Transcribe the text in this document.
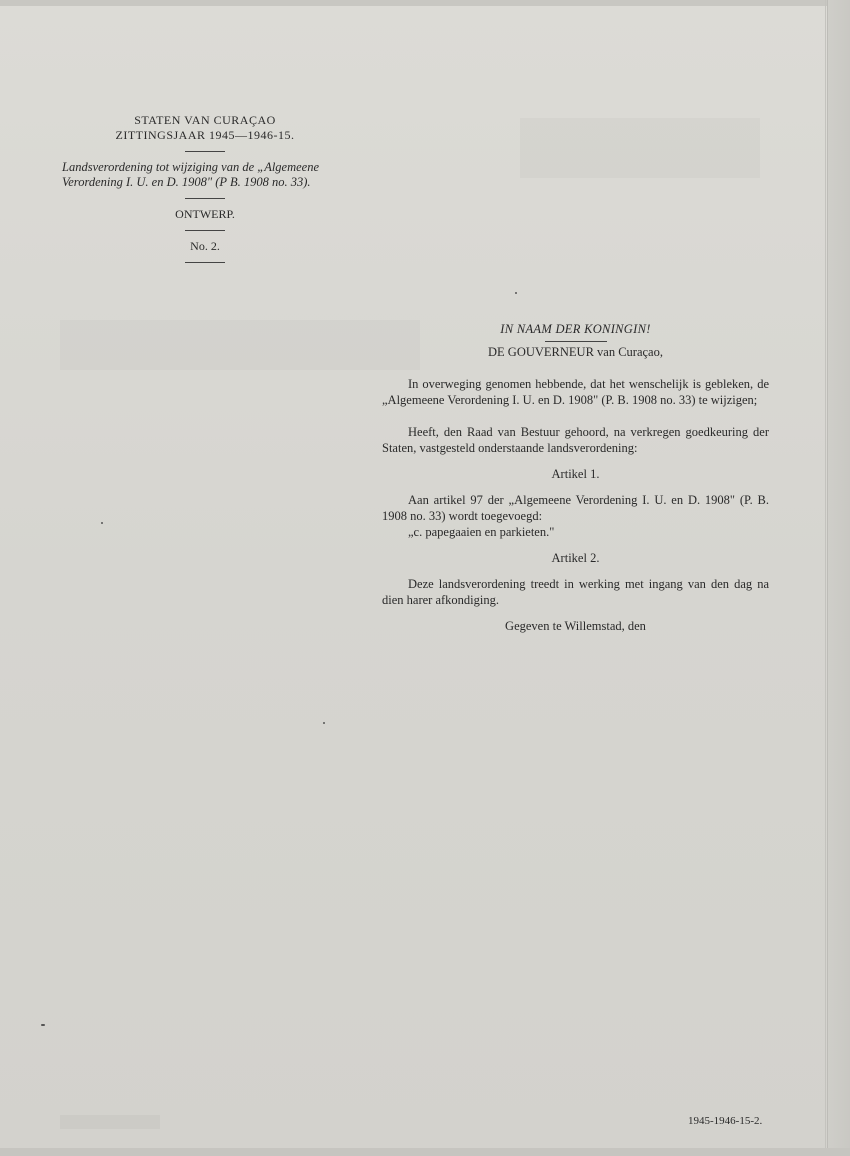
STATEN VAN CURAÇAO
ZITTINGSJAAR 1945—1946-15.
Landsverordening tot wijziging van de „Algemeene Verordening I. U. en D. 1908" (P B. 1908 no. 33).
ONTWERP.
No. 2.
IN NAAM DER KONINGIN!
DE GOUVERNEUR van Curaçao,

In overweging genomen hebbende, dat het wenschelijk is gebleken, de „Algemeene Verordening I. U. en D. 1908" (P. B. 1908 no. 33) te wijzigen;

Heeft, den Raad van Bestuur gehoord, na verkregen goedkeuring der Staten, vastgesteld onderstaande landsverordening:

Artikel 1.

Aan artikel 97 der „Algemeene Verordening I. U. en D. 1908" (P. B. 1908 no. 33) wordt toegevoegd:

„c. papegaaien en parkieten."
Artikel 2.

Deze landsverordening treedt in werking met ingang van den dag na dien harer afkondiging.

Gegeven te Willemstad, den
1945-1946-15-2.
